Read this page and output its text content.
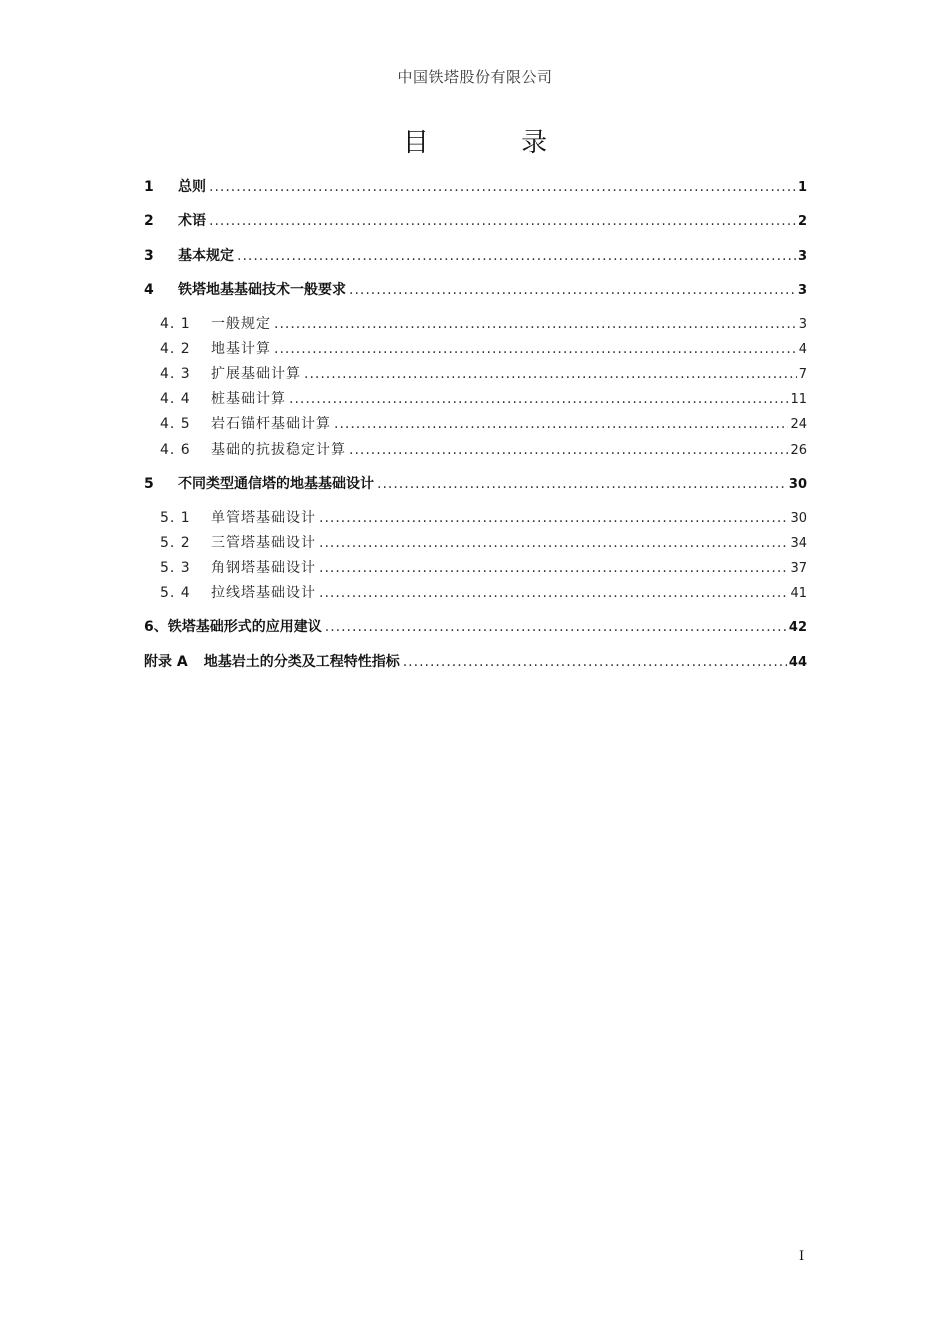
中国铁塔股份有限公司
目 录
1	总则 .....	1
2	术语 .....	2
3	基本规定 .....	3
4	铁塔地基基础技术一般要求 .....	3
4. 1	一般规定 .....	3
4. 2	地基计算 .....	4
4. 3	扩展基础计算 .....	7
4. 4	桩基础计算 .....	11
4. 5	岩石锚杆基础计算 .....	24
4. 6	基础的抗拔稳定计算 .....	26
5	不同类型通信塔的地基基础设计 .....	30
5. 1	单管塔基础设计 .....	30
5. 2	三管塔基础设计 .....	34
5. 3	角钢塔基础设计 .....	37
5. 4	拉线塔基础设计 .....	41
6、铁塔基础形式的应用建议 .....	42
附录 A 地基岩土的分类及工程特性指标 .....	44
I
